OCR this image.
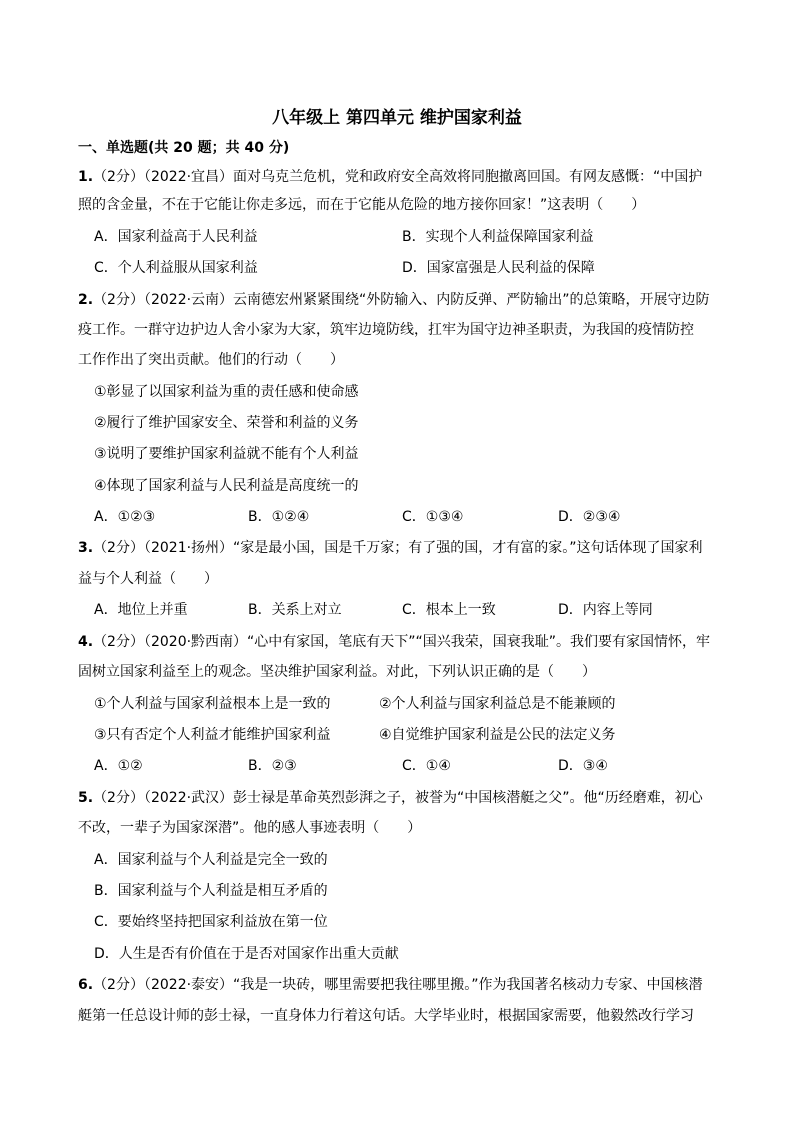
八年级上 第四单元 维护国家利益
一、单选题(共 20 题；共 40 分)
1.（2分）（2022·宜昌）面对乌克兰危机，党和政府安全高效将同胞撤离回国。有网友感慨：“中国护
照的含金量，不在于它能让你走多远，而在于它能从危险的地方接你回家！”这表明（　　）
A．国家利益高于人民利益	B．实现个人利益保障国家利益
C．个人利益服从国家利益	D．国家富强是人民利益的保障
2.（2分）（2022·云南）云南德宏州紧紧围绕“外防输入、内防反弹、严防输出”的总策略，开展守边防
疫工作。一群守边护边人舍小家为大家，筑牢边境防线，扛牢为国守边神圣职责，为我国的疫情防控
工作作出了突出贡献。他们的行动（　　）
①彰显了以国家利益为重的责任感和使命感
②履行了维护国家安全、荣誉和利益的义务
③说明了要维护国家利益就不能有个人利益
④体现了国家利益与人民利益是高度统一的
A．①②③	B．①②④	C．①③④	D．②③④
3.（2分）（2021·扬州）“家是最小国，国是千万家；有了强的国，才有富的家。”这句话体现了国家利
益与个人利益（　　）
A．地位上并重	B．关系上对立	C．根本上一致	D．内容上等同
4.（2分）（2020·黔西南）“心中有家国，笔底有天下”“国兴我荣，国衰我耻”。我们要有家国情怀，牢
固树立国家利益至上的观念。坚决维护国家利益。对此，下列认识正确的是（　　）
①个人利益与国家利益根本上是一致的	②个人利益与国家利益总是不能兼顾的
③只有否定个人利益才能维护国家利益	④自觉维护国家利益是公民的法定义务
A．①②	B．②③	C．①④	D．③④
5.（2分）（2022·武汉）彭士禄是革命英烈彭湃之子，被誉为“中国核潜艇之父”。他“历经磨难，初心
不改，一辈子为国家深潜”。他的感人事迹表明（　　）
A．国家利益与个人利益是完全一致的
B．国家利益与个人利益是相互矛盾的
C．要始终坚持把国家利益放在第一位
D．人生是否有价值在于是否对国家作出重大贡献
6.（2分）（2022·泰安）“我是一块砖，哪里需要把我往哪里搬。”作为我国著名核动力专家、中国核潜
艇第一任总设计师的彭士禄，一直身体力行着这句话。大学毕业时，根据国家需要，他毅然改行学习
